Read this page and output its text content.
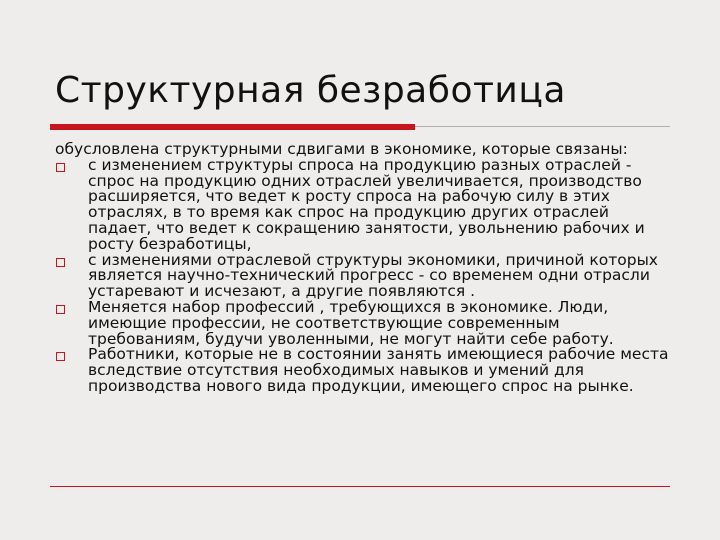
Структурная безработица

обусловлена структурными сдвигами в экономике, которые связаны:

с изменением структуры спроса на продукцию разных отраслей - спрос на продукцию одних отраслей увеличивается, производство расширяется, что ведет к росту спроса на рабочую силу в этих отраслях, в то время как спрос на продукцию других отраслей падает, что ведет к сокращению занятости, увольнению рабочих и росту безработицы,
с изменениями отраслевой структуры экономики, причиной которых является научно-технический прогресс - со временем одни отрасли устаревают и исчезают, а другие появляются .
Меняется набор профессий , требующихся в экономике. Люди, имеющие профессии, не соответствующие современным требованиям, будучи уволенными, не могут найти себе работу.
Работники, которые не в состоянии занять имеющиеся рабочие места вследствие отсутствия необходимых навыков и умений для производства нового вида продукции, имеющего спрос на рынке.
